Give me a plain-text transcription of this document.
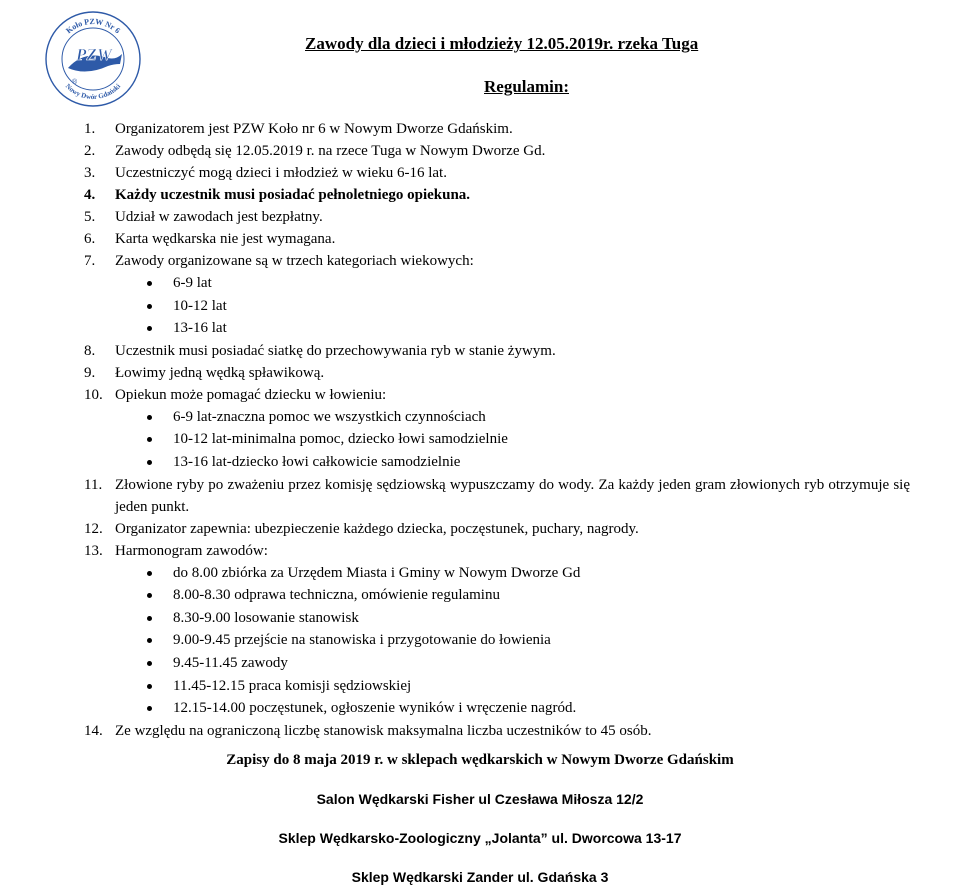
Koło PZW Nr 6
Nowy Dwór Gdański
PZW
®
Zawody dla dzieci i młodzieży 12.05.2019r. rzeka Tuga
Regulamin:
1.	Organizatorem jest PZW Koło nr 6 w Nowym Dworze Gdańskim.
2.	Zawody odbędą się 12.05.2019 r. na rzece Tuga w Nowym Dworze Gd.
3.	Uczestniczyć mogą dzieci i młodzież w wieku 6-16 lat.
4.	Każdy uczestnik musi posiadać pełnoletniego opiekuna.
5.	Udział w zawodach jest bezpłatny.
6.	Karta wędkarska nie jest wymagana.
7.	Zawody organizowane są w trzech kategoriach wiekowych:
6-9 lat
10-12 lat
13-16 lat
8.	Uczestnik musi posiadać siatkę do przechowywania ryb w stanie żywym.
9.	Łowimy jedną wędką spławikową.
10. Opiekun może pomagać dziecku w łowieniu:
6-9 lat-znaczna pomoc we wszystkich czynnościach
10-12 lat-minimalna pomoc, dziecko łowi samodzielnie
13-16 lat-dziecko łowi całkowicie samodzielnie
11. Złowione ryby po zważeniu przez komisję sędziowską wypuszczamy do wody. Za każdy jeden gram złowionych ryb otrzymuje się jeden punkt.
12. Organizator zapewnia: ubezpieczenie każdego dziecka, poczęstunek, puchary, nagrody.
13. Harmonogram zawodów:
do 8.00 zbiórka za Urzędem Miasta i Gminy w Nowym Dworze Gd
8.00-8.30 odprawa techniczna, omówienie regulaminu
8.30-9.00 losowanie stanowisk
9.00-9.45 przejście na stanowiska i przygotowanie do łowienia
9.45-11.45 zawody
11.45-12.15 praca komisji sędziowskiej
12.15-14.00 poczęstunek, ogłoszenie wyników i wręczenie nagród.
14. Ze względu na ograniczoną liczbę stanowisk maksymalna liczba uczestników to 45 osób.
Zapisy do 8 maja 2019 r. w sklepach wędkarskich w Nowym Dworze Gdańskim
Salon Wędkarski Fisher ul Czesława Miłosza 12/2
Sklep Wędkarsko-Zoologiczny „Jolanta” ul. Dworcowa 13-17
Sklep Wędkarski Zander ul. Gdańska 3
